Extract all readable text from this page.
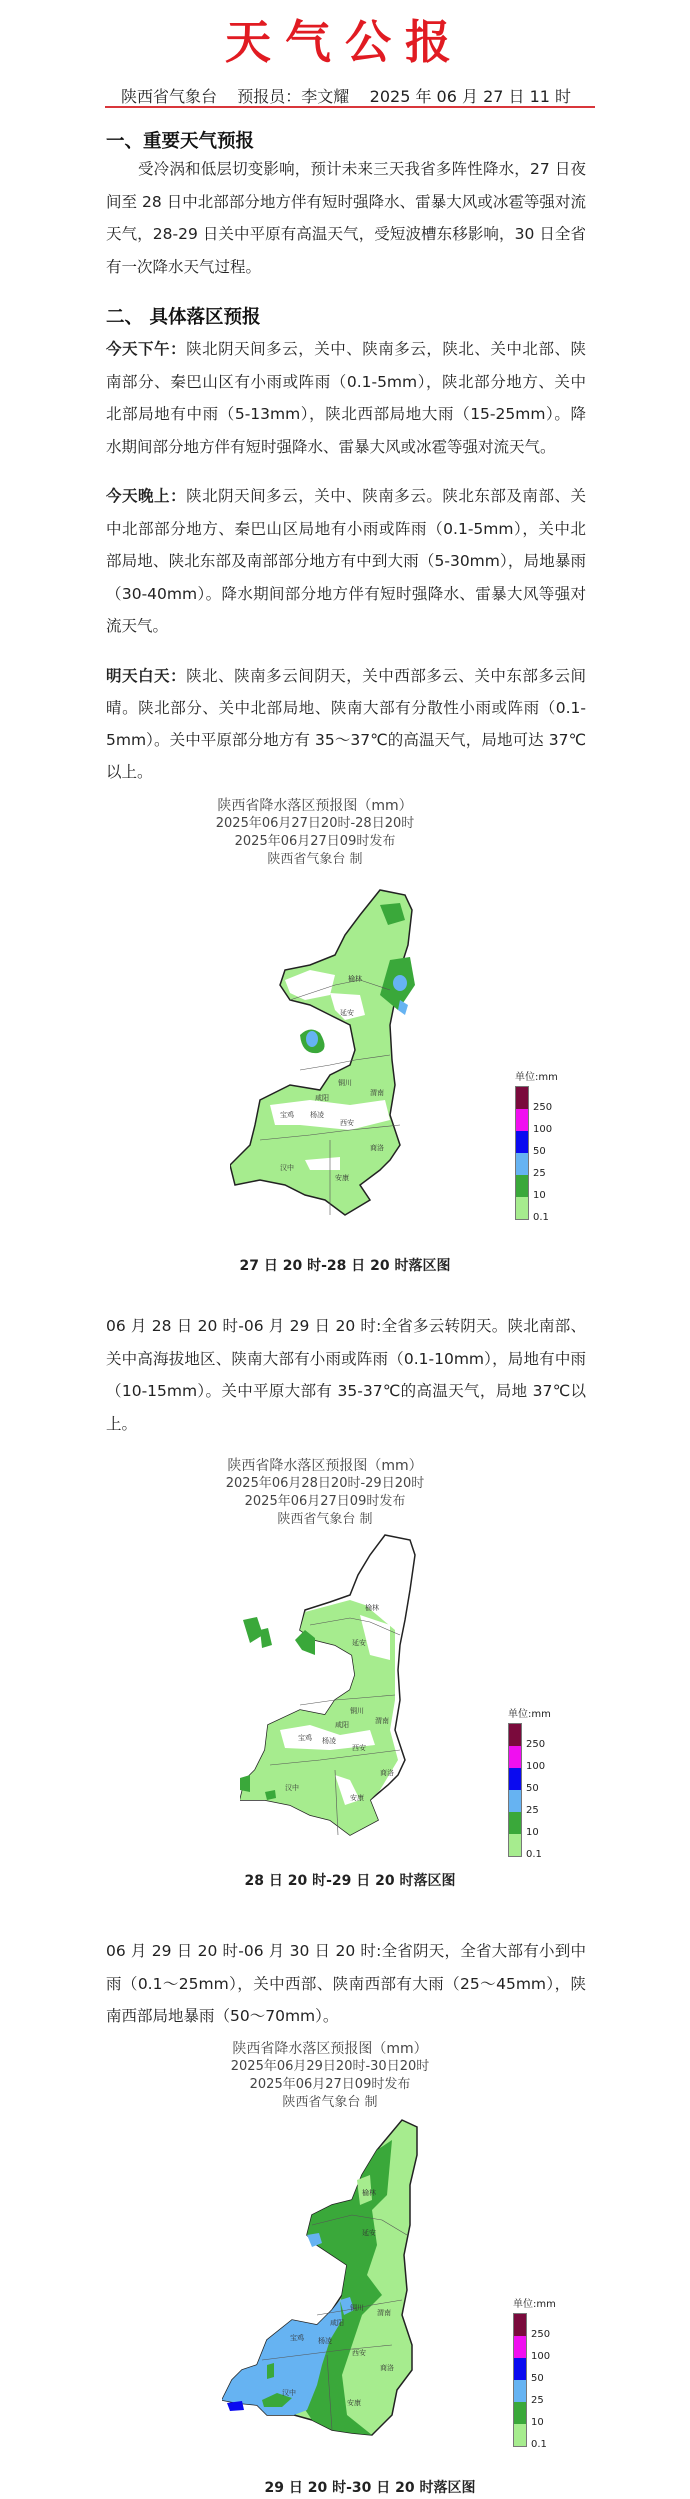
天气公报
陕西省气象台 预报员：李文耀 2025 年 06 月 27 日 11 时
一、重要天气预报
受冷涡和低层切变影响，预计未来三天我省多阵性降水，27 日夜间至 28 日中北部部分地方伴有短时强降水、雷暴大风或冰雹等强对流天气，28-29 日关中平原有高温天气，受短波槽东移影响，30 日全省有一次降水天气过程。
二、 具体落区预报
今天下午：陕北阴天间多云，关中、陕南多云，陕北、关中北部、陕南部分、秦巴山区有小雨或阵雨（0.1-5mm），陕北部分地方、关中北部局地有中雨（5-13mm），陕北西部局地大雨（15-25mm）。降水期间部分地方伴有短时强降水、雷暴大风或冰雹等强对流天气。
今天晚上：陕北阴天间多云，关中、陕南多云。陕北东部及南部、关中北部部分地方、秦巴山区局地有小雨或阵雨（0.1-5mm），关中北部局地、陕北东部及南部部分地方有中到大雨（5-30mm），局地暴雨（30-40mm）。降水期间部分地方伴有短时强降水、雷暴大风等强对流天气。
明天白天：陕北、陕南多云间阴天，关中西部多云、关中东部多云间晴。陕北部分、关中北部局地、陕南大部有分散性小雨或阵雨（0.1-5mm）。关中平原部分地方有 35～37℃的高温天气，局地可达 37℃以上。
陕西省降水落区预报图（mm）
2025年06月27日20时-28日20时
2025年06月27日09时发布
陕西省气象台 制
榆林
延安
铜川
渭南
咸阳
宝鸡 杨凌
西安
商洛
汉中
安康
单位:mm
250
100
50
25
10
0.1
27 日 20 时-28 日 20 时落区图
06 月 28 日 20 时-06 月 29 日 20 时:全省多云转阴天。陕北南部、关中高海拔地区、陕南大部有小雨或阵雨（0.1-10mm），局地有中雨（10-15mm）。关中平原大部有 35-37℃的高温天气，局地 37℃以上。
陕西省降水落区预报图（mm）
2025年06月28日20时-29日20时
2025年06月27日09时发布
陕西省气象台 制
榆林
延安
铜川
渭南
咸阳
宝鸡 杨凌
西安
商洛
汉中
安康
单位:mm
250
100
50
25
10
0.1
28 日 20 时-29 日 20 时落区图
06 月 29 日 20 时-06 月 30 日 20 时:全省阴天，全省大部有小到中雨（0.1～25mm），关中西部、陕南西部有大雨（25～45mm），陕南西部局地暴雨（50～70mm）。
陕西省降水落区预报图（mm）
2025年06月29日20时-30日20时
2025年06月27日09时发布
陕西省气象台 制
榆林
延安
铜川
渭南
咸阳
宝鸡 杨凌
西安
商洛
汉中
安康
单位:mm
250
100
50
25
10
0.1
29 日 20 时-30 日 20 时落区图
